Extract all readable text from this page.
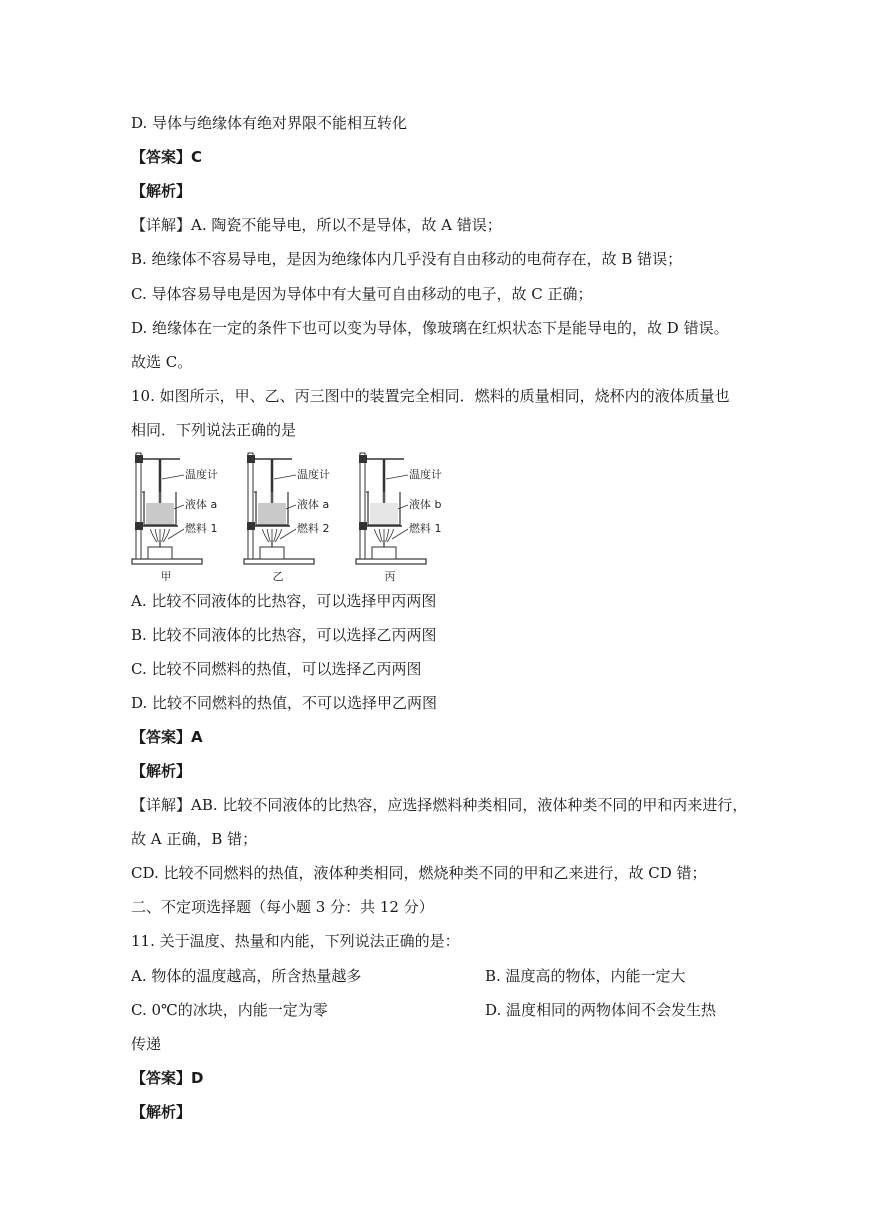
D. 导体与绝缘体有绝对界限不能相互转化
【答案】C
【解析】
【详解】A. 陶瓷不能导电，所以不是导体，故 A 错误；
B. 绝缘体不容易导电，是因为绝缘体内几乎没有自由移动的电荷存在，故 B 错误；
C. 导体容易导电是因为导体中有大量可自由移动的电子，故 C 正确；
D. 绝缘体在一定的条件下也可以变为导体，像玻璃在红炽状态下是能导电的，故 D 错误。
故选 C。
10. 如图所示，甲、乙、丙三图中的装置完全相同．燃料的质量相同，烧杯内的液体质量也
相同．下列说法正确的是
温度计
液体 a
燃料 1
甲
温度计
液体 a
燃料 2
乙
温度计
液体 b
燃料 1
丙
A. 比较不同液体的比热容，可以选择甲丙两图
B. 比较不同液体的比热容，可以选择乙丙两图
C. 比较不同燃料的热值，可以选择乙丙两图
D. 比较不同燃料的热值，不可以选择甲乙两图
【答案】A
【解析】
【详解】AB. 比较不同液体的比热容，应选择燃料种类相同，液体种类不同的甲和丙来进行，
故 A 正确，B 错；
CD. 比较不同燃料的热值，液体种类相同，燃烧种类不同的甲和乙来进行，故 CD 错；
二、不定项选择题（每小题 3 分：共 12 分）
11. 关于温度、热量和内能，下列说法正确的是：
A. 物体的温度越高，所含热量越多	B. 温度高的物体，内能一定大
C. 0℃的冰块，内能一定为零	D. 温度相同的两物体间不会发生热
传递
【答案】D
【解析】
